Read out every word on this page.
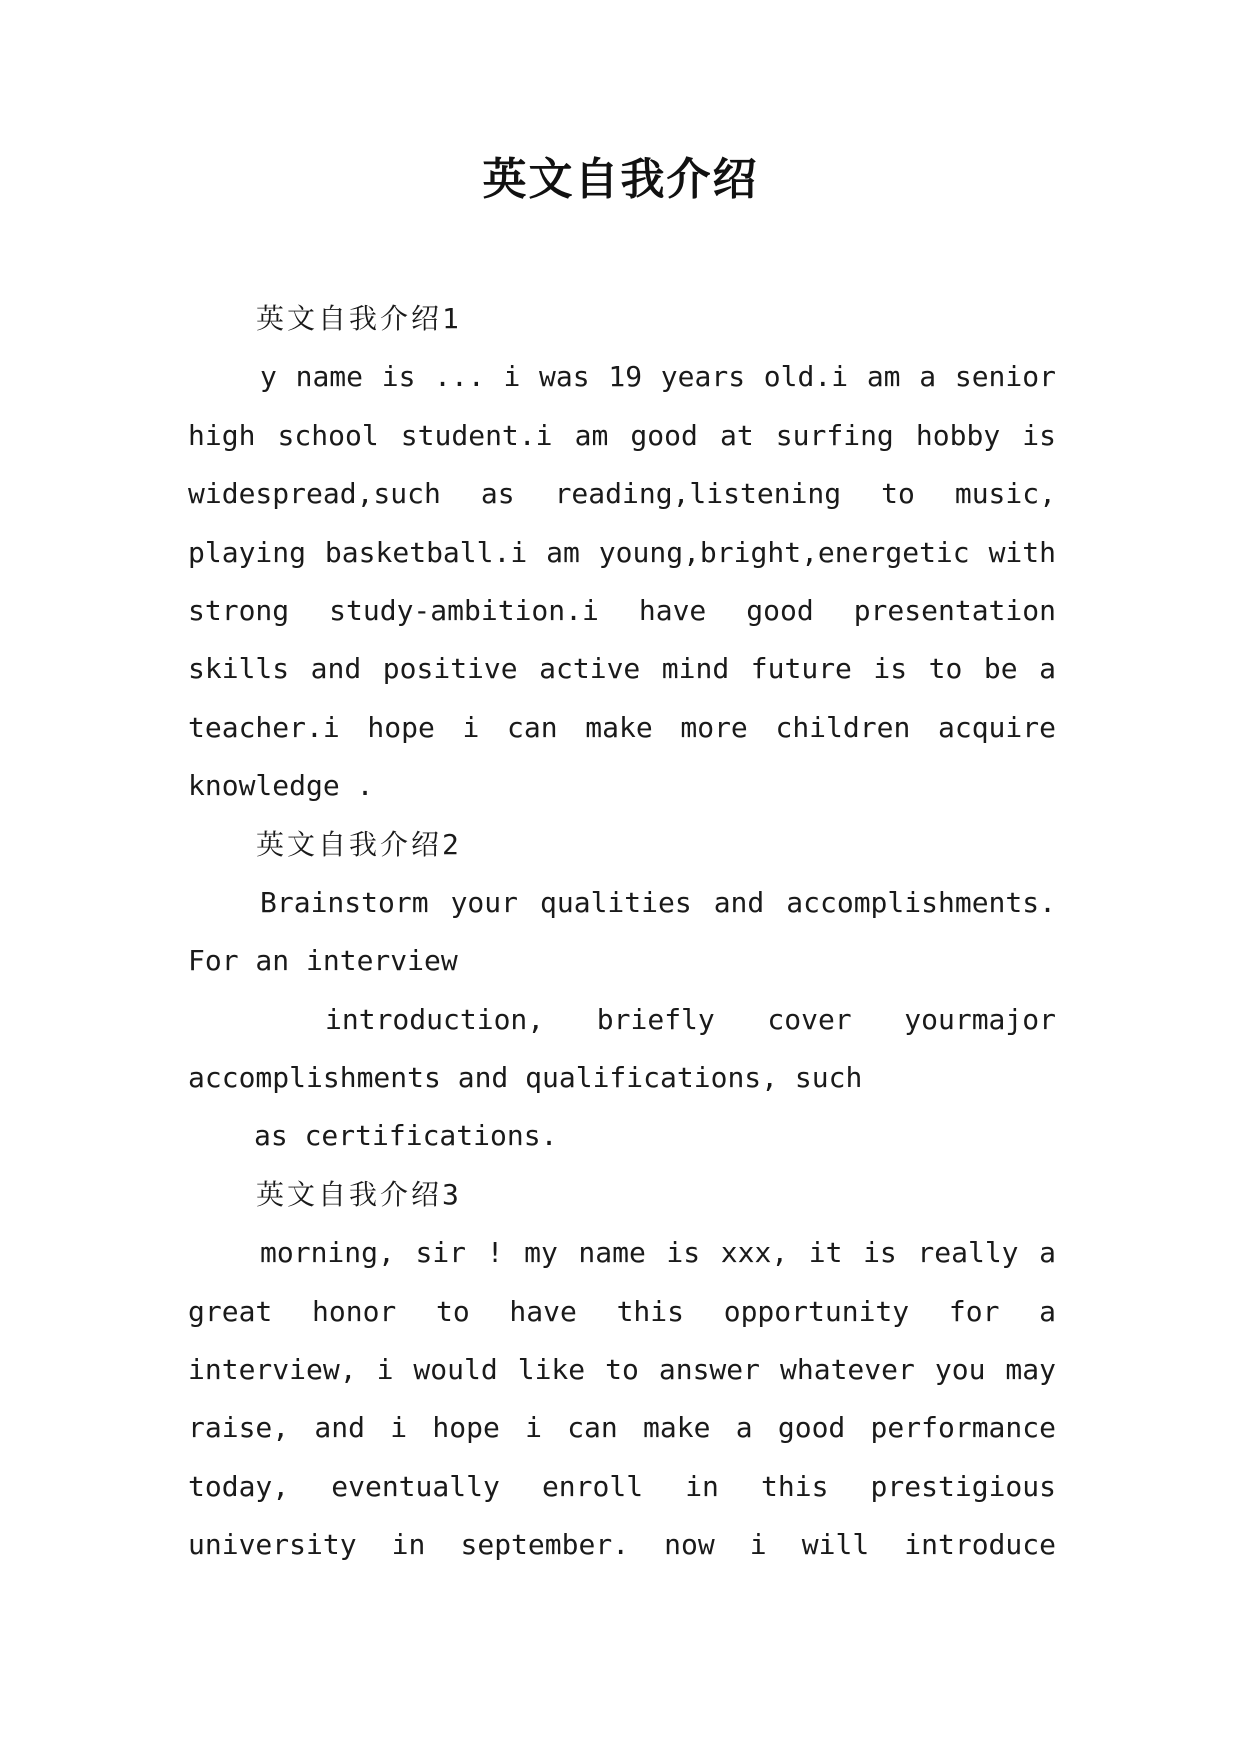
英文自我介绍
英文自我介绍1
y name is ... i was 19 years old.i am a senior
high school student.i am good at surfing hobby is
widespread,such as reading,listening to music,
playing basketball.i am young,bright,energetic with
strong study-ambition.i have good presentation
skills and positive active mind future is to be a
teacher.i hope i can make more children acquire
knowledge .
英文自我介绍2
Brainstorm your qualities and accomplishments.
For an interview
introduction, briefly cover yourmajor
accomplishments and qualifications, such
as certifications.
英文自我介绍3
morning, sir ! my name is xxx, it is really a
great honor to have this opportunity for a
interview, i would like to answer whatever you may
raise, and i hope i can make a good performance
today, eventually enroll in this prestigious
university in september. now i will introduce
